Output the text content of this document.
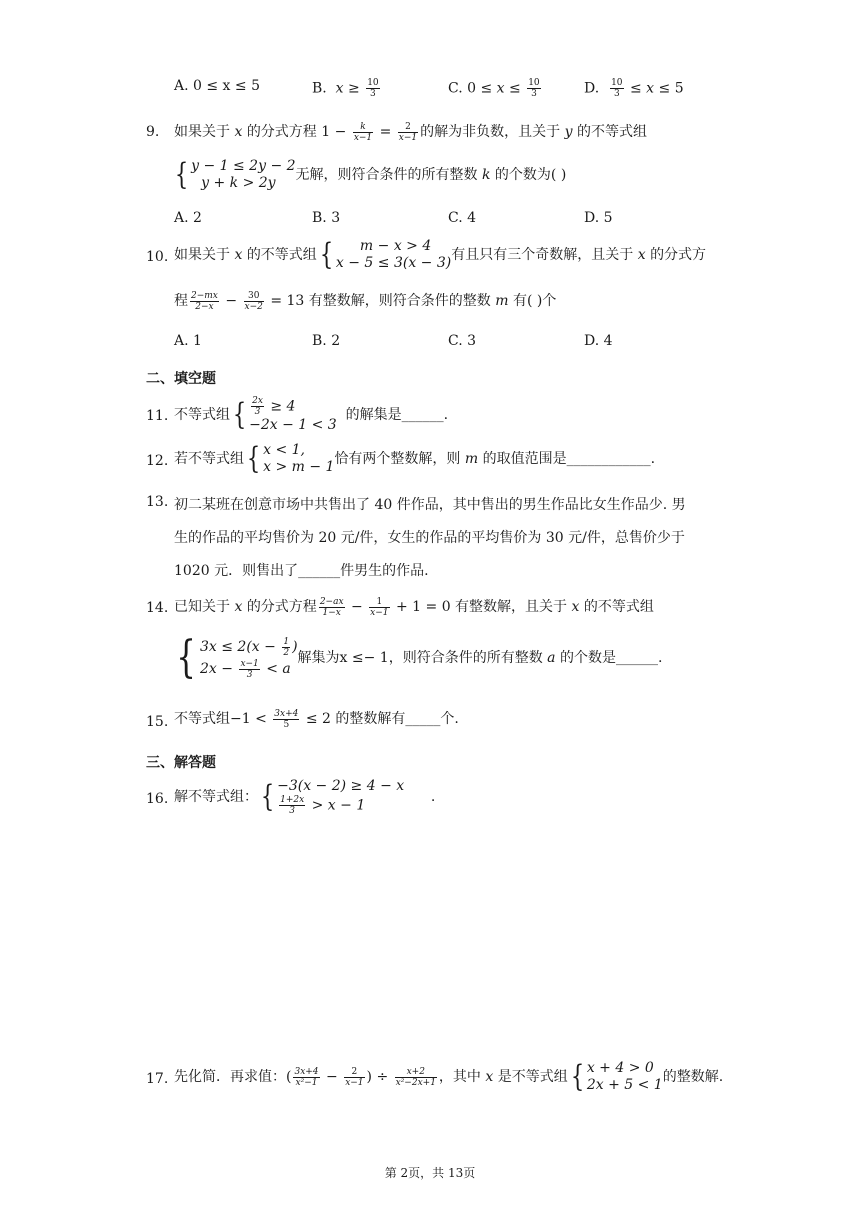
A. 0 ≤ x ≤ 5	B.  $x \ge \frac{10}{3}$	C. $0 \le x \le \frac{10}{3}$	D. $\frac{10}{3} \le x \le 5$
9. 如果关于 x 的分式方程 $1 - \frac{k}{x-1} = \frac{2}{x-1}$ 的解为非负数，且关于 y 的不等式组
{ y − 1 ≤ 2y − 2
y + k > 2y	无解，则符合条件的所有整数 k 的个数为( )
A. 2	B. 3	C. 4	D. 5
10. 如果关于 x 的不等式组 {	m − x > 4
x − 5 ≤ 3(x − 3) 有且只有三个奇数解，且关于 x 的分式方
程 $\frac{2-mx}{2-x} - \frac{30}{x-2} = 13$ 有整数解，则符合条件的整数 m 有( )个
A. 1	B. 2	C. 3	D. 4
二、填空题
11. 不等式组 { $\frac{2x}{3} \ge 4$
−2x − 1 < 3
的解集是______.
12. 若不等式组 { x < 1,
x > m − 1 恰有两个整数解，则 m 的取值范围是____________.
13. 初二某班在创意市场中共售出了 40 件作品，其中售出的男生作品比女生作品少. 男
生的作品的平均售价为 20 元/件，女生的作品的平均售价为 30 元/件，总售价少于
1020 元．则售出了______件男生的作品.
14. 已知关于 x 的分式方程 $\frac{2-ax}{1-x} - \frac{1}{x-1} + 1 = 0$ 有整数解，且关于 x 的不等式组
{ $3x \le 2(x - \frac{1}{2}$ )
$2x - \frac{x-1}{3} < a$
解集为x ≤− 1，则符合条件的所有整数 a 的个数是______.
15. 不等式组$-1 < \frac{3x+4}{5} \le 2$ 的整数解有_____个.
三、解答题
16. 解不等式组： { −3(x − 2) ≥ 4 − x
$\frac{1+2x}{3} > x - 1$
.
17. 先化简．再求值：( $\frac{3x+4}{\text{x²−1}} - \frac{2}{x-1}$ ) ÷ $\frac{x+2}{\text{x²−2x+1}}$ ，其中 x 是不等式组 { x + 4 > 0
2x + 5 < 1 的整数解.
第 2页，共 13页
